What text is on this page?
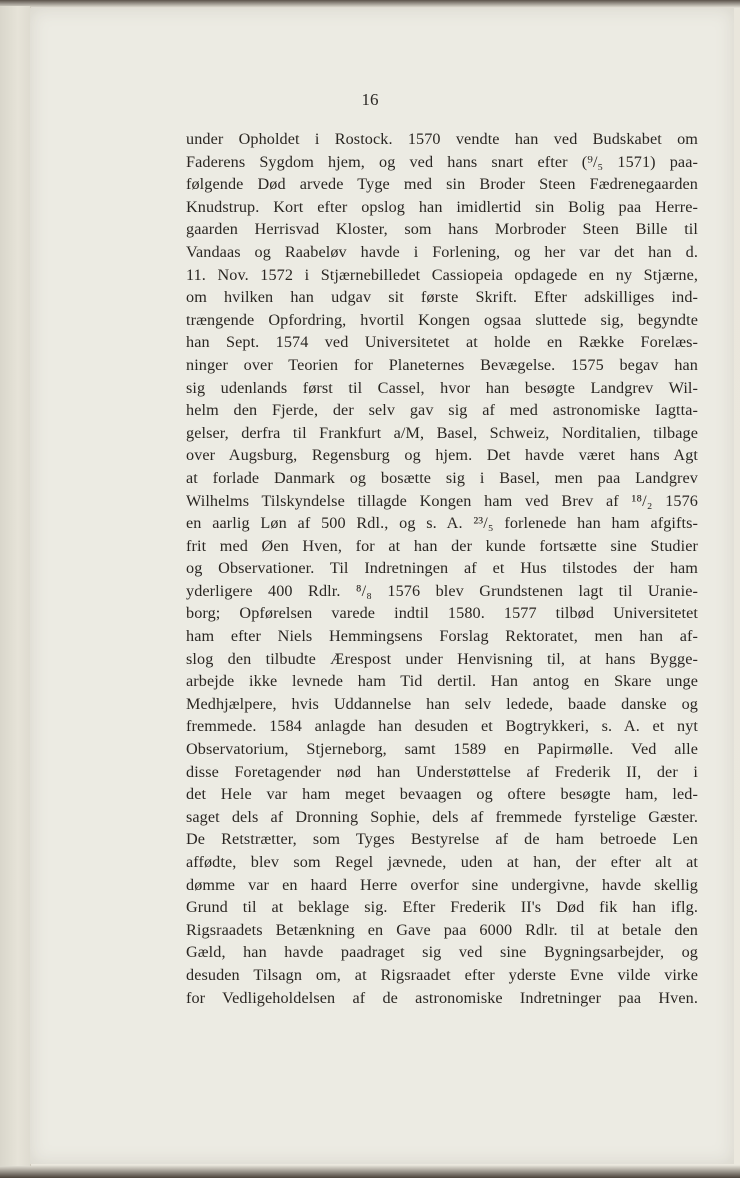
16
under Opholdet i Rostock. 1570 vendte han ved Budskabet om
Faderens Sygdom hjem, og ved hans snart efter (⁹/₅ 1571) paa-
følgende Død arvede Tyge med sin Broder Steen Fædrenegaarden
Knudstrup. Kort efter opslog han imidlertid sin Bolig paa Herre-
gaarden Herrisvad Kloster, som hans Morbroder Steen Bille til
Vandaas og Raabeløv havde i Forlening, og her var det han d.
11. Nov. 1572 i Stjærnebilledet Cassiopeia opdagede en ny Stjærne,
om hvilken han udgav sit første Skrift. Efter adskilliges ind-
trængende Opfordring, hvortil Kongen ogsaa sluttede sig, begyndte
han Sept. 1574 ved Universitetet at holde en Række Forelæs-
ninger over Teorien for Planeternes Bevægelse. 1575 begav han
sig udenlands først til Cassel, hvor han besøgte Landgrev Wil-
helm den Fjerde, der selv gav sig af med astronomiske Iagtta-
gelser, derfra til Frankfurt a/M, Basel, Schweiz, Norditalien, tilbage
over Augsburg, Regensburg og hjem. Det havde været hans Agt
at forlade Danmark og bosætte sig i Basel, men paa Landgrev
Wilhelms Tilskyndelse tillagde Kongen ham ved Brev af ¹⁸/₂ 1576
en aarlig Løn af 500 Rdl., og s. A. ²³/₅ forlenede han ham afgifts-
frit med Øen Hven, for at han der kunde fortsætte sine Studier
og Observationer. Til Indretningen af et Hus tilstodes der ham
yderligere 400 Rdlr. ⁸/₈ 1576 blev Grundstenen lagt til Uranie-
borg; Opførelsen varede indtil 1580. 1577 tilbød Universitetet
ham efter Niels Hemmingsens Forslag Rektoratet, men han af-
slog den tilbudte Ærespost under Henvisning til, at hans Bygge-
arbejde ikke levnede ham Tid dertil. Han antog en Skare unge
Medhjælpere, hvis Uddannelse han selv ledede, baade danske og
fremmede. 1584 anlagde han desuden et Bogtrykkeri, s. A. et nyt
Observatorium, Stjerneborg, samt 1589 en Papirmølle. Ved alle
disse Foretagender nød han Understøttelse af Frederik II, der i
det Hele var ham meget bevaagen og oftere besøgte ham, led-
saget dels af Dronning Sophie, dels af fremmede fyrstelige Gæster.
De Retstrætter, som Tyges Bestyrelse af de ham betroede Len
affødte, blev som Regel jævnede, uden at han, der efter alt at
dømme var en haard Herre overfor sine undergivne, havde skellig
Grund til at beklage sig. Efter Frederik II's Død fik han iflg.
Rigsraadets Betænkning en Gave paa 6000 Rdlr. til at betale den
Gæld, han havde paadraget sig ved sine Bygningsarbejder, og
desuden Tilsagn om, at Rigsraadet efter yderste Evne vilde virke
for Vedligeholdelsen af de astronomiske Indretninger paa Hven.
